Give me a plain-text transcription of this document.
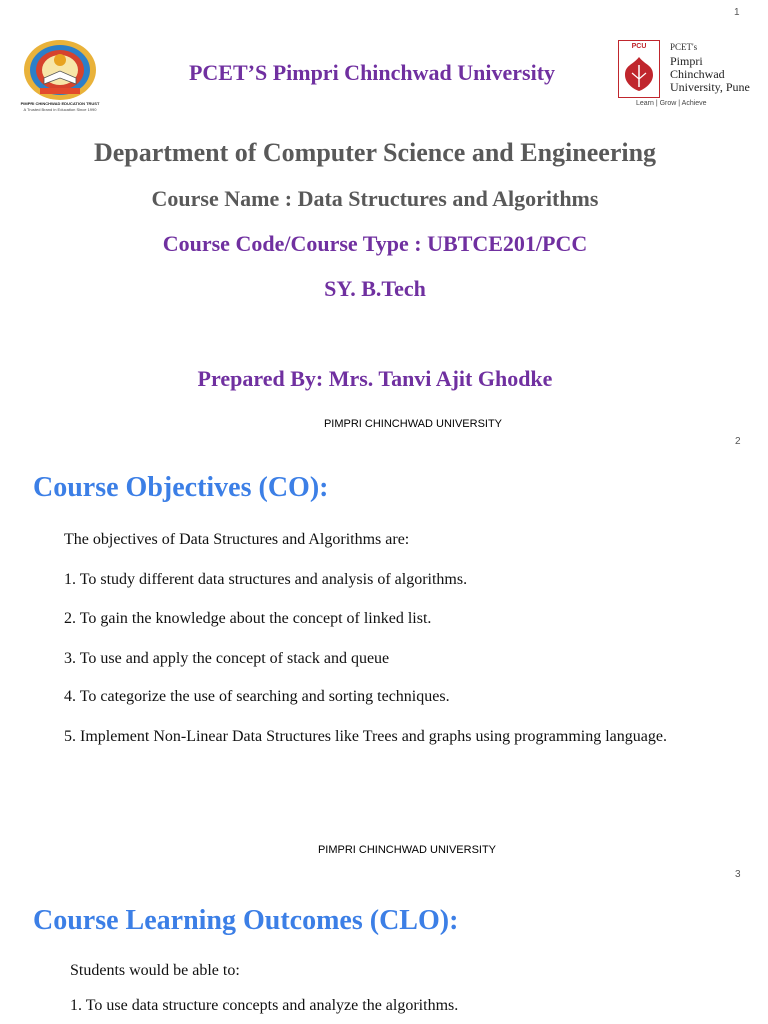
1
PIMPRI CHINCHWAD EDUCATION TRUST
A Trusted Brand in Education Since 1990
PCET’S Pimpri Chinchwad University
PCU	PCET's
Pimpri
Chinchwad
University, Pune
Learn | Grow | Achieve
Department of Computer Science and Engineering
Course Name : Data Structures and Algorithms
Course Code/Course Type : UBTCE201/PCC
SY. B.Tech
Prepared By: Mrs. Tanvi Ajit Ghodke
PIMPRI CHINCHWAD UNIVERSITY
2
Course Objectives (CO):
The objectives of Data Structures and Algorithms are:
1. To study different data structures and analysis of algorithms.
2. To gain the knowledge about the concept of linked list.
3. To use and apply the concept of stack and queue
4. To categorize the use of searching and sorting techniques.
5. Implement Non-Linear Data Structures like Trees and graphs using programming language.
PIMPRI CHINCHWAD UNIVERSITY
3
Course Learning Outcomes (CLO):
Students would be able to:
1. To use data structure concepts and analyze the algorithms.
